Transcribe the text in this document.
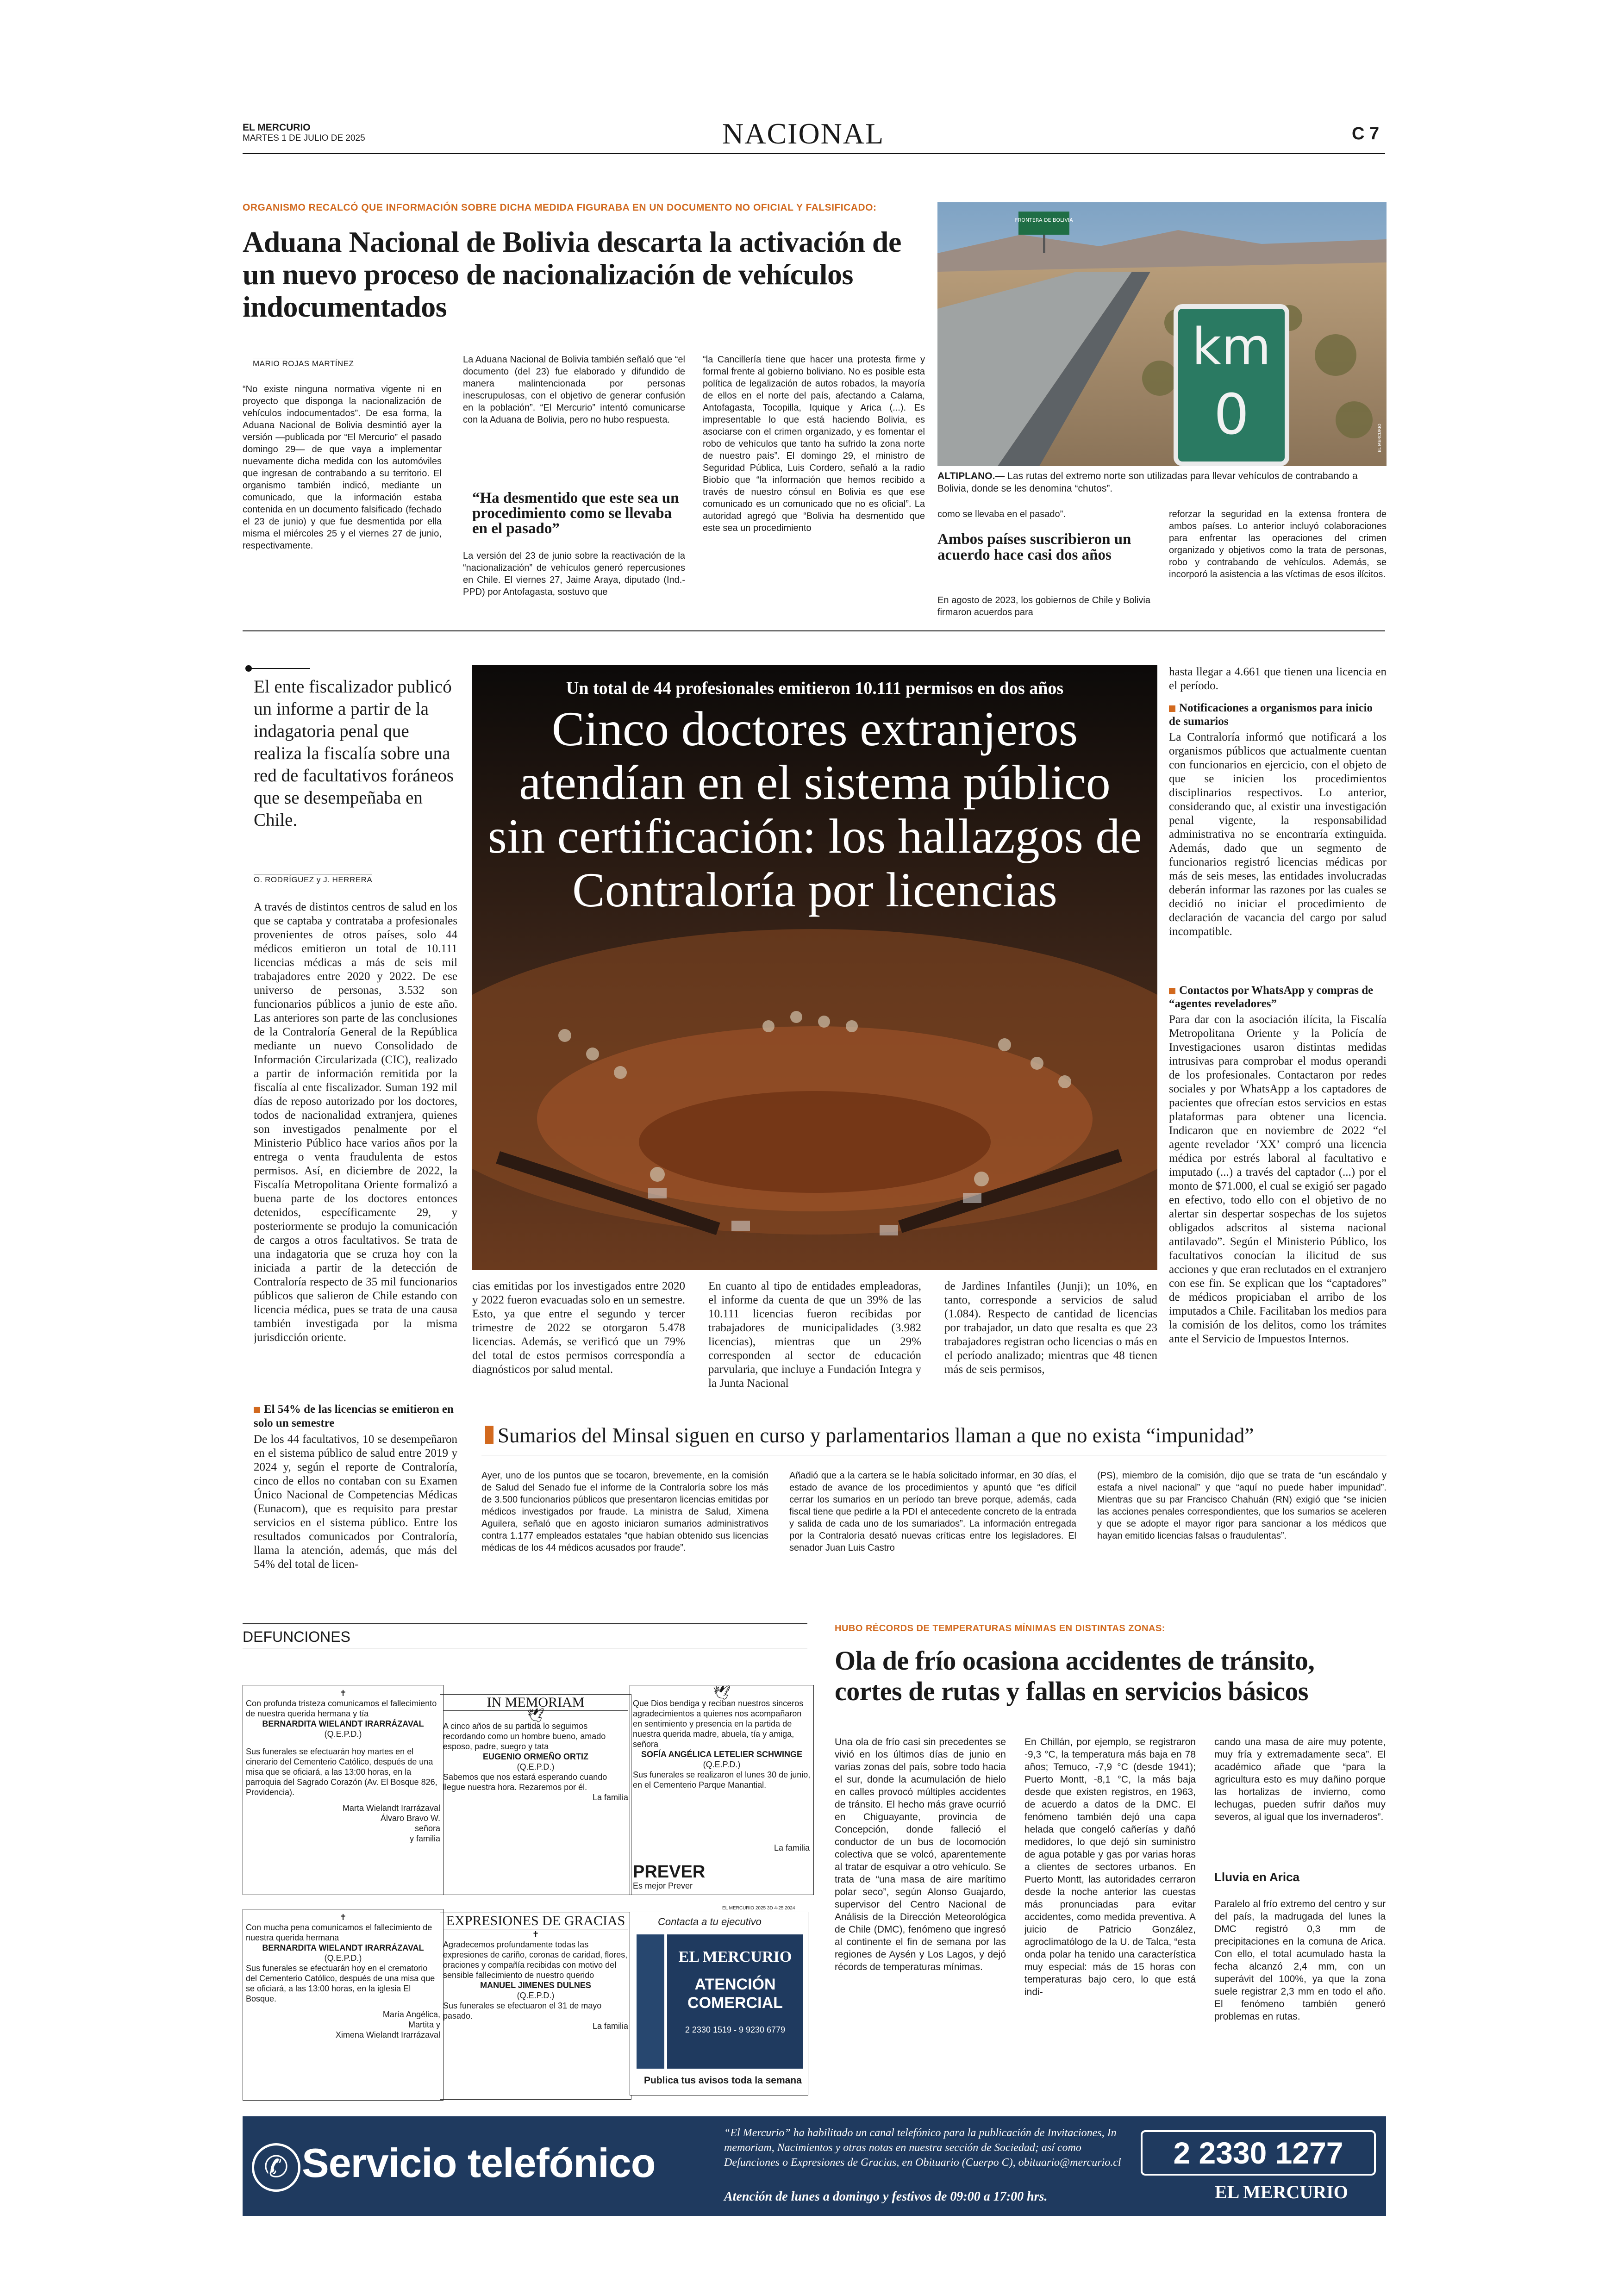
EL MERCURIO
MARTES 1 DE JULIO DE 2025	NACIONAL	C 7
ORGANISMO RECALCÓ QUE INFORMACIÓN SOBRE DICHA MEDIDA FIGURABA EN UN DOCUMENTO NO OFICIAL Y FALSIFICADO:
Aduana Nacional de Bolivia descarta la activación de un nuevo proceso de nacionalización de vehículos indocumentados
MARIO ROJAS MARTÍNEZ
“No existe ninguna normativa vigente ni en proyecto que disponga la nacionalización de vehículos indocumentados”. De esa forma, la Aduana Nacional de Bolivia desmintió ayer la versión —publicada por “El Mercurio” el pasado domingo 29— de que vaya a implementar nuevamente dicha medida con los automóviles que ingresan de contrabando a su territorio. El organismo también indicó, mediante un comunicado, que la información estaba contenida en un documento falsificado (fechado el 23 de junio) y que fue desmentida por ella misma el miércoles 25 y el viernes 27 de junio, respectivamente.
La Aduana Nacional de Bolivia también señaló que “el documento (del 23) fue elaborado y difundido de manera malintencionada por personas inescrupulosas, con el objetivo de generar confusión en la población”. “El Mercurio” intentó comunicarse con la Aduana de Bolivia, pero no hubo respuesta.
“Ha desmentido que este sea un procedimiento como se llevaba en el pasado”
La versión del 23 de junio sobre la reactivación de la “nacionalización” de vehículos generó repercusiones en Chile. El viernes 27, Jaime Araya, diputado (Ind.-PPD) por Antofagasta, sostuvo que
“la Cancillería tiene que hacer una protesta firme y formal frente al gobierno boliviano. No es posible esta política de legalización de autos robados, la mayoría de ellos en el norte del país, afectando a Calama, Antofagasta, Tocopilla, Iquique y Arica (...). Es impresentable lo que está haciendo Bolivia, es asociarse con el crimen organizado, y es fomentar el robo de vehículos que tanto ha sufrido la zona norte de nuestro país”. El domingo 29, el ministro de Seguridad Pública, Luis Cordero, señaló a la radio Biobío que “la información que hemos recibido a través de nuestro cónsul en Bolivia es que ese comunicado es un comunicado que no es oficial”. La autoridad agregó que “Bolivia ha desmentido que este sea un procedimiento
FRONTERA DE BOLIVIA
km
0	EL MERCURIO
ALTIPLANO.— Las rutas del extremo norte son utilizadas para llevar vehículos de contrabando a Bolivia, donde se les denomina “chutos”.
como se llevaba en el pasado”.
Ambos países suscribieron un acuerdo hace casi dos años
En agosto de 2023, los gobiernos de Chile y Bolivia firmaron acuerdos para
reforzar la seguridad en la extensa frontera de ambos países. Lo anterior incluyó colaboraciones para enfrentar las operaciones del crimen organizado y objetivos como la trata de personas, robo y contrabando de vehículos. Además, se incorporó la asistencia a las víctimas de esos ilícitos.
El ente fiscalizador publicó un informe a partir de la indagatoria penal que realiza la fiscalía sobre una red de facultativos foráneos que se desempeñaba en Chile.
O. RODRÍGUEZ y J. HERRERA
A través de distintos centros de salud en los que se captaba y contrataba a profesionales provenientes de otros países, solo 44 médicos emitieron un total de 10.111 licencias médicas a más de seis mil trabajadores entre 2020 y 2022. De ese universo de personas, 3.532 son funcionarios públicos a junio de este año. Las anteriores son parte de las conclusiones de la Contraloría General de la República mediante un nuevo Consolidado de Información Circularizada (CIC), realizado a partir de información remitida por la fiscalía al ente fiscalizador. Suman 192 mil días de reposo autorizado por los doctores, todos de nacionalidad extranjera, quienes son investigados penalmente por el Ministerio Público hace varios años por la entrega o venta fraudulenta de estos permisos. Así, en diciembre de 2022, la Fiscalía Metropolitana Oriente formalizó a buena parte de los doctores entonces detenidos, específicamente 29, y posteriormente se produjo la comunicación de cargos a otros facultativos. Se trata de una indagatoria que se cruza hoy con la iniciada a partir de la detección de Contraloría respecto de 35 mil funcionarios públicos que salieron de Chile estando con licencia médica, pues se trata de una causa también investigada por la misma jurisdicción oriente.
El 54% de las licencias se emitieron en solo un semestre
De los 44 facultativos, 10 se desempeñaron en el sistema público de salud entre 2019 y 2024 y, según el reporte de Contraloría, cinco de ellos no contaban con su Examen Único Nacional de Competencias Médicas (Eunacom), que es requisito para prestar servicios en el sistema público. Entre los resultados comunicados por Contraloría, llama la atención, además, que más del 54% del total de licen-
Un total de 44 profesionales emitieron 10.111 permisos en dos años
Cinco doctores extranjeros atendían en el sistema público sin certificación: los hallazgos de Contraloría por licencias
cias emitidas por los investigados entre 2020 y 2022 fueron evacuadas solo en un semestre. Esto, ya que entre el segundo y tercer trimestre de 2022 se otorgaron 5.478 licencias. Además, se verificó que un 79% del total de estos permisos correspondía a diagnósticos por salud mental.
En cuanto al tipo de entidades empleadoras, el informe da cuenta de que un 39% de las 10.111 licencias fueron recibidas por trabajadores de municipalidades (3.982 licencias), mientras que un 29% corresponden al sector de educación parvularia, que incluye a Fundación Integra y la Junta Nacional
de Jardines Infantiles (Junji); un 10%, en tanto, corresponde a servicios de salud (1.084). Respecto de cantidad de licencias por trabajador, un dato que resalta es que 23 trabajadores registran ocho licencias o más en el período analizado; mientras que 48 tienen más de seis permisos,
hasta llegar a 4.661 que tienen una licencia en el período.
Notificaciones a organismos para inicio de sumarios
La Contraloría informó que notificará a los organismos públicos que actualmente cuentan con funcionarios en ejercicio, con el objeto de que se inicien los procedimientos disciplinarios respectivos. Lo anterior, considerando que, al existir una investigación penal vigente, la responsabilidad administrativa no se encontraría extinguida. Además, dado que un segmento de funcionarios registró licencias médicas por más de seis meses, las entidades involucradas deberán informar las razones por las cuales se decidió no iniciar el procedimiento de declaración de vacancia del cargo por salud incompatible.
Contactos por WhatsApp y compras de “agentes reveladores”
Para dar con la asociación ilícita, la Fiscalía Metropolitana Oriente y la Policía de Investigaciones usaron distintas medidas intrusivas para comprobar el modus operandi de los profesionales. Contactaron por redes sociales y por WhatsApp a los captadores de pacientes que ofrecían estos servicios en estas plataformas para obtener una licencia. Indicaron que en noviembre de 2022 “el agente revelador ‘XX’ compró una licencia médica por estrés laboral al facultativo e imputado (...) a través del captador (...) por el monto de $71.000, el cual se exigió ser pagado en efectivo, todo ello con el objetivo de no alertar sin despertar sospechas de los sujetos obligados adscritos al sistema nacional antilavado”. Según el Ministerio Público, los facultativos conocían la ilicitud de sus acciones y que eran reclutados en el extranjero con ese fin. Se explican que los “captadores” de médicos propiciaban el arribo de los imputados a Chile. Facilitaban los medios para la comisión de los delitos, como los trámites ante el Servicio de Impuestos Internos.
Sumarios del Minsal siguen en curso y parlamentarios llaman a que no exista “impunidad”
Ayer, uno de los puntos que se tocaron, brevemente, en la comisión de Salud del Senado fue el informe de la Contraloría sobre los más de 3.500 funcionarios públicos que presentaron licencias emitidas por médicos investigados por fraude. La ministra de Salud, Ximena Aguilera, señaló que en agosto iniciaron sumarios administrativos contra 1.177 empleados estatales “que habían obtenido sus licencias médicas de los 44 médicos acusados por fraude”.
Añadió que a la cartera se le había solicitado informar, en 30 días, el estado de avance de los procedimientos y apuntó que “es difícil cerrar los sumarios en un período tan breve porque, además, cada fiscal tiene que pedirle a la PDI el antecedente concreto de la entrada y salida de cada uno de los sumariados”. La información entregada por la Contraloría desató nuevas críticas entre los legisladores. El senador Juan Luis Castro
(PS), miembro de la comisión, dijo que se trata de “un escándalo y estafa a nivel nacional” y que “aquí no puede haber impunidad”. Mientras que su par Francisco Chahuán (RN) exigió que “se inicien las acciones penales correspondientes, que los sumarios se aceleren y que se adopte el mayor rigor para sancionar a los médicos que hayan emitido licencias falsas o fraudulentas”.
DEFUNCIONES
✝
Con profunda tristeza comunicamos el fallecimiento de nuestra querida hermana y tía
BERNARDITA WIELANDT IRARRÁZAVAL
(Q.E.P.D.)
Sus funerales se efectuarán hoy martes en el cinerario del Cementerio Católico, después de una misa que se oficiará, a las 13:00 horas, en la parroquia del Sagrado Corazón (Av. El Bosque 826, Providencia).
Marta Wielandt Irarrázaval
Álvaro Bravo W.
señora
y familia
✝
Con mucha pena comunicamos el fallecimiento de nuestra querida hermana
BERNARDITA WIELANDT IRARRÁZAVAL
(Q.E.P.D.)
Sus funerales se efectuarán hoy en el crematorio del Cementerio Católico, después de una misa que se oficiará, a las 13:00 horas, en la iglesia El Bosque.
María Angélica,
Martita y
Ximena Wielandt Irarrázaval
IN MEMORIAM
🕊
A cinco años de su partida lo seguimos recordando como un hombre bueno, amado esposo, padre, suegro y tata
EUGENIO ORMEÑO ORTIZ
(Q.E.P.D.)
Sabemos que nos estará esperando cuando llegue nuestra hora. Rezaremos por él.
La familia
EXPRESIONES DE GRACIAS
✝
Agradecemos profundamente todas las expresiones de cariño, coronas de caridad, flores, oraciones y compañía recibidas con motivo del sensible fallecimiento de nuestro querido
MANUEL JIMENES DULNES
(Q.E.P.D.)
Sus funerales se efectuaron el 31 de mayo pasado.
La familia
🕊
Que Dios bendiga y reciban nuestros sinceros agradecimientos a quienes nos acompañaron en sentimiento y presencia en la partida de nuestra querida madre, abuela, tía y amiga, señora
SOFÍA ANGÉLICA LETELIER SCHWINGE
(Q.E.P.D.)
Sus funerales se realizaron el lunes 30 de junio, en el Cementerio Parque Manantial.
PREVER
Es mejor Prever
La familia
EL MERCURIO 2025 3D 4-25 2024
Contacta a tu ejecutivo
EL MERCURIO
ATENCIÓN COMERCIAL
2 2330 1519 - 9 9230 6779
Publica tus avisos toda la semana
HUBO RÉCORDS DE TEMPERATURAS MÍNIMAS EN DISTINTAS ZONAS:
Ola de frío ocasiona accidentes de tránsito, cortes de rutas y fallas en servicios básicos
Una ola de frío casi sin precedentes se vivió en los últimos días de junio en varias zonas del país, sobre todo hacia el sur, donde la acumulación de hielo en calles provocó múltiples accidentes de tránsito. El hecho más grave ocurrió en Chiguayante, provincia de Concepción, donde falleció el conductor de un bus de locomoción colectiva que se volcó, aparentemente al tratar de esquivar a otro vehículo. Se trata de “una masa de aire marítimo polar seco”, según Alonso Guajardo, supervisor del Centro Nacional de Análisis de la Dirección Meteorológica de Chile (DMC), fenómeno que ingresó al continente el fin de semana por las regiones de Aysén y Los Lagos, y dejó récords de temperaturas mínimas.
En Chillán, por ejemplo, se registraron -9,3 °C, la temperatura más baja en 78 años; Temuco, -7,9 °C (desde 1941); Puerto Montt, -8,1 °C, la más baja desde que existen registros, en 1963, de acuerdo a datos de la DMC. El fenómeno también dejó una capa helada que congeló cañerías y dañó medidores, lo que dejó sin suministro de agua potable y gas por varias horas a clientes de sectores urbanos. En Puerto Montt, las autoridades cerraron desde la noche anterior las cuestas más pronunciadas para evitar accidentes, como medida preventiva. A juicio de Patricio González, agroclimatólogo de la U. de Talca, “esta onda polar ha tenido una característica muy especial: más de 15 horas con temperaturas bajo cero, lo que está indi-
cando una masa de aire muy potente, muy fría y extremadamente seca”. El académico añade que “para la agricultura esto es muy dañino porque las hortalizas de invierno, como lechugas, pueden sufrir daños muy severos, al igual que los invernaderos”.
Lluvia en Arica
Paralelo al frío extremo del centro y sur del país, la madrugada del lunes la DMC registró 0,3 mm de precipitaciones en la comuna de Arica. Con ello, el total acumulado hasta la fecha alcanzó 2,4 mm, con un superávit del 100%, ya que la zona suele registrar 2,3 mm en todo el año. El fenómeno también generó problemas en rutas.
✆ Servicio telefónico
“El Mercurio” ha habilitado un canal telefónico para la publicación de Invitaciones, In memoriam, Nacimientos y otras notas en nuestra sección de Sociedad; así como Defunciones o Expresiones de Gracias, en Obituario (Cuerpo C), obituario@mercurio.cl
Atención de lunes a domingo y festivos de 09:00 a 17:00 hrs.
2 2330 1277
EL MERCURIO
